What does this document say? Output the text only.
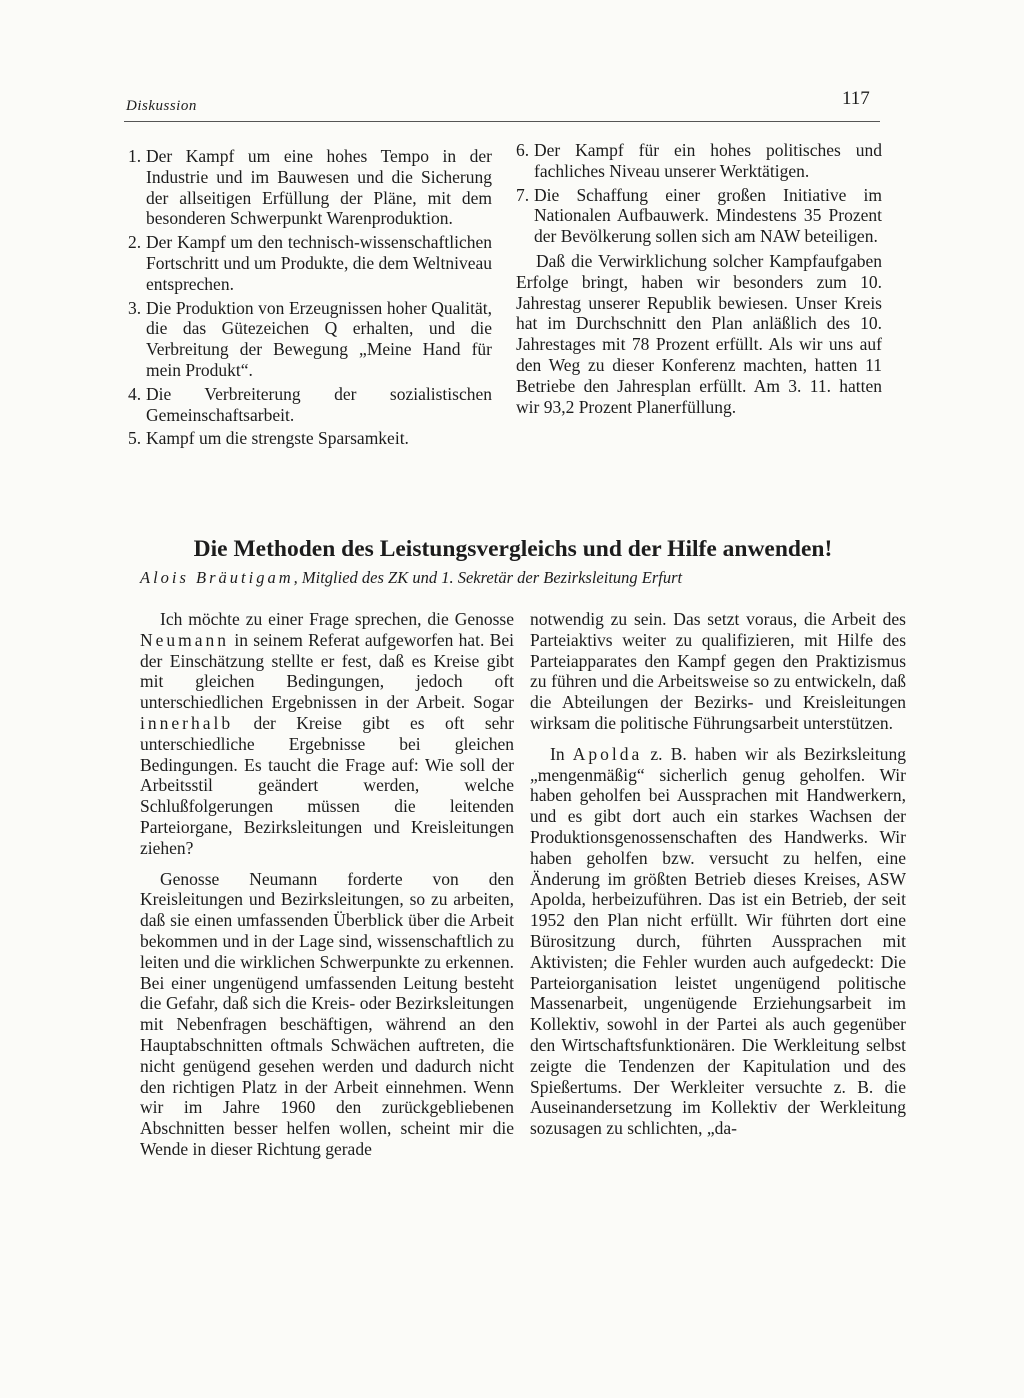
Diskussion	117
1. Der Kampf um eine hohes Tempo in der Industrie und im Bauwesen und die Sicherung der allseitigen Erfüllung der Pläne, mit dem besonderen Schwerpunkt Warenproduktion.
2. Der Kampf um den technisch-wissenschaftlichen Fortschritt und um Produkte, die dem Weltniveau entsprechen.
3. Die Produktion von Erzeugnissen hoher Qualität, die das Gütezeichen Q erhalten, und die Verbreitung der Bewegung „Meine Hand für mein Produkt“.
4. Die Verbreiterung der sozialistischen Gemeinschaftsarbeit.
5. Kampf um die strengste Sparsamkeit.
6. Der Kampf für ein hohes politisches und fachliches Niveau unserer Werktätigen.
7. Die Schaffung einer großen Initiative im Nationalen Aufbauwerk. Mindestens 35 Prozent der Bevölkerung sollen sich am NAW beteiligen.

Daß die Verwirklichung solcher Kampfaufgaben Erfolge bringt, haben wir besonders zum 10. Jahrestag unserer Republik bewiesen. Unser Kreis hat im Durchschnitt den Plan anläßlich des 10. Jahrestages mit 78 Prozent erfüllt. Als wir uns auf den Weg zu dieser Konferenz machten, hatten 11 Betriebe den Jahresplan erfüllt. Am 3. 11. hatten wir 93,2 Prozent Planerfüllung.

Die Methoden des Leistungsvergleichs und der Hilfe anwenden!
Alois Bräutigam, Mitglied des ZK und 1. Sekretär der Bezirksleitung Erfurt

Ich möchte zu einer Frage sprechen, die Genosse Neumann in seinem Referat aufgeworfen hat. Bei der Einschätzung stellte er fest, daß es Kreise gibt mit gleichen Bedingungen, jedoch oft unterschiedlichen Ergebnissen in der Arbeit. Sogar innerhalb der Kreise gibt es oft sehr unterschiedliche Ergebnisse bei gleichen Bedingungen. Es taucht die Frage auf: Wie soll der Arbeitsstil geändert werden, welche Schlußfolgerungen müssen die leitenden Parteiorgane, Bezirksleitungen und Kreisleitungen ziehen?

Genosse Neumann forderte von den Kreisleitungen und Bezirksleitungen, so zu arbeiten, daß sie einen umfassenden Überblick über die Arbeit bekommen und in der Lage sind, wissenschaftlich zu leiten und die wirklichen Schwerpunkte zu erkennen. Bei einer ungenügend umfassenden Leitung besteht die Gefahr, daß sich die Kreis- oder Bezirksleitungen mit Nebenfragen beschäftigen, während an den Hauptabschnitten oftmals Schwächen auftreten, die nicht genügend gesehen werden und dadurch nicht den richtigen Platz in der Arbeit einnehmen. Wenn wir im Jahre 1960 den zurückgebliebenen Abschnitten besser helfen wollen, scheint mir die Wende in dieser Richtung gerade

notwendig zu sein. Das setzt voraus, die Arbeit des Parteiaktivs weiter zu qualifizieren, mit Hilfe des Parteiapparates den Kampf gegen den Praktizismus zu führen und die Arbeitsweise so zu entwickeln, daß die Abteilungen der Bezirks- und Kreisleitungen wirksam die politische Führungsarbeit unterstützen.

In Apolda z. B. haben wir als Bezirksleitung „mengenmäßig“ sicherlich genug geholfen. Wir haben geholfen bei Aussprachen mit Handwerkern, und es gibt dort auch ein starkes Wachsen der Produktionsgenossenschaften des Handwerks. Wir haben geholfen bzw. versucht zu helfen, eine Änderung im größten Betrieb dieses Kreises, ASW Apolda, herbeizuführen. Das ist ein Betrieb, der seit 1952 den Plan nicht erfüllt. Wir führten dort eine Bürositzung durch, führten Aussprachen mit Aktivisten; die Fehler wurden auch aufgedeckt: Die Parteiorganisation leistet ungenügend politische Massenarbeit, ungenügende Erziehungsarbeit im Kollektiv, sowohl in der Partei als auch gegenüber den Wirtschaftsfunktionären. Die Werkleitung selbst zeigte die Tendenzen der Kapitulation und des Spießertums. Der Werkleiter versuchte z. B. die Auseinandersetzung im Kollektiv der Werkleitung sozusagen zu schlichten, „da-
